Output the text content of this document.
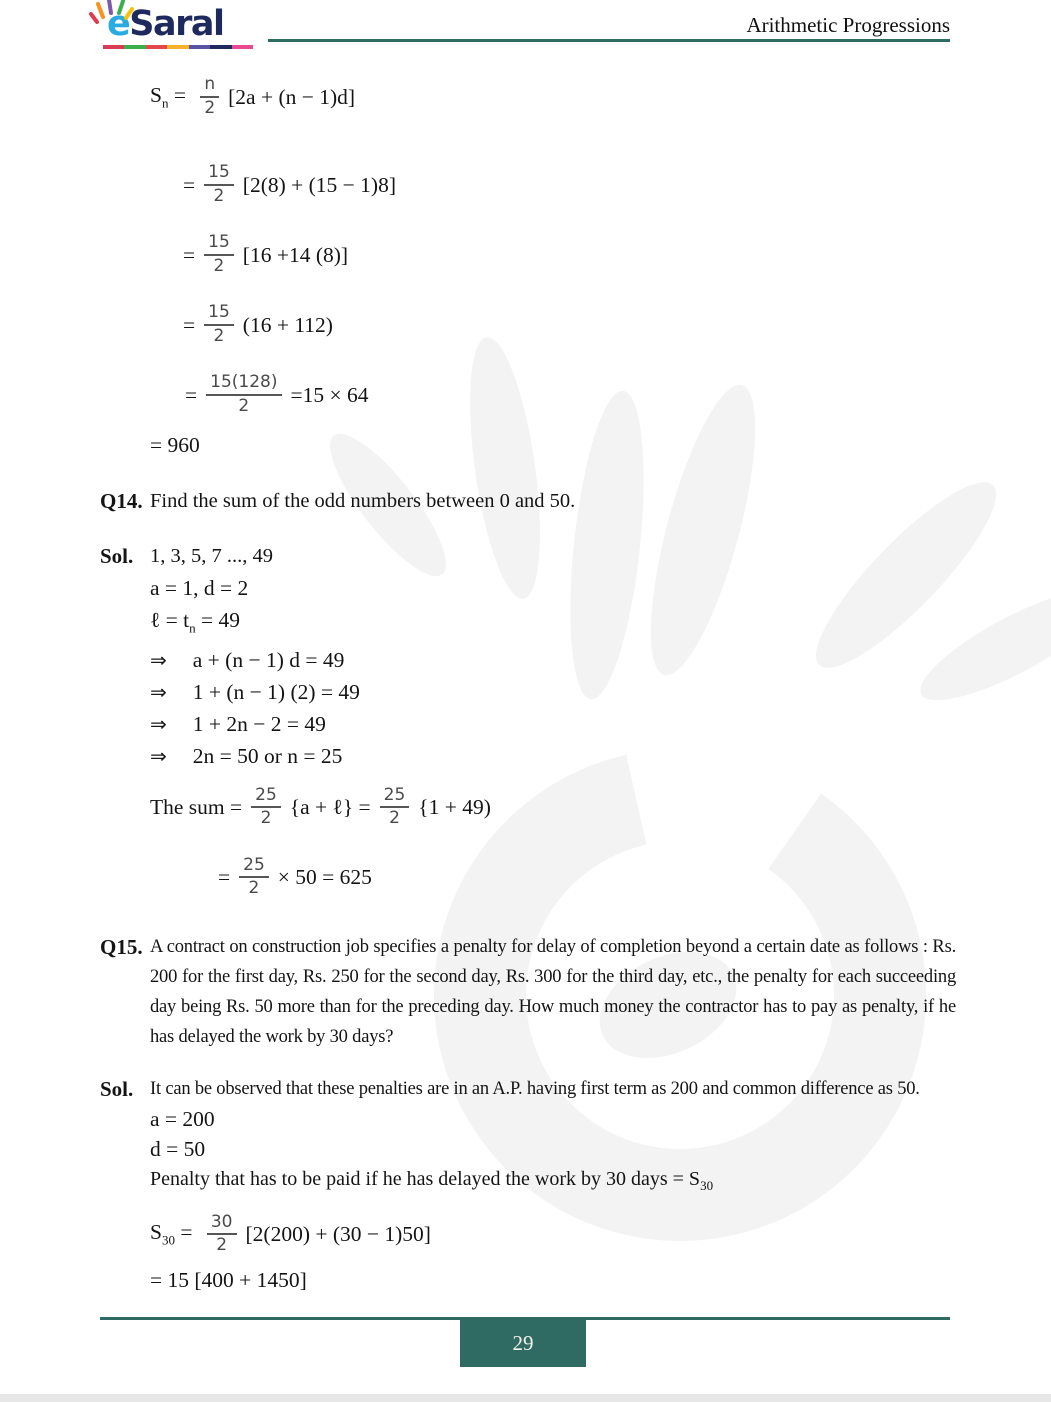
eSaral	Arithmetic Progressions
$S_n = \frac{n}{2} [2a + (n - 1)d]$
= $\frac{15}{2} [2(8) + (15 - 1)8]$
= $\frac{15}{2} [16 +14$ (8)]
= $\frac{15}{2} (16 + 112)$
= $\frac{15(128)}{2} =15 \times 64$
= 960
Q14. Find the sum of the odd numbers between 0 and 50.
Sol. 1, 3, 5, 7 ..., 49
a = 1, d = 2
ℓ = $t_n = 49$
⇒ a + (n − 1) d = 49
⇒ 1 + (n − 1) (2) = 49
⇒ 1 + 2n − 2 = 49
⇒ 2n = 50 or n = 25
The sum = $\frac{25}{2} \{a$ + ℓ} = $\frac{25}{2} \{1 + 49)$
= $\frac{25}{2} \times 50 = 625$
Q15. A contract on construction job specifies a penalty for delay of completion beyond a certain date as follows : Rs. 200 for the first day, Rs. 250 for the second day, Rs. 300 for the third day, etc., the penalty for each succeeding day being Rs. 50 more than for the preceding day. How much money the contractor has to pay as penalty, if he has delayed the work by 30 days?
Sol. It can be observed that these penalties are in an A.P. having first term as 200 and common difference as 50.
a = 200
d = 50
Penalty that has to be paid if he has delayed the work by 30 days = $S_{30}$
$S_{30} = \frac{30}{2} [2(200) + (30 - 1)50]$
= 15 [400 + 1450]
29
